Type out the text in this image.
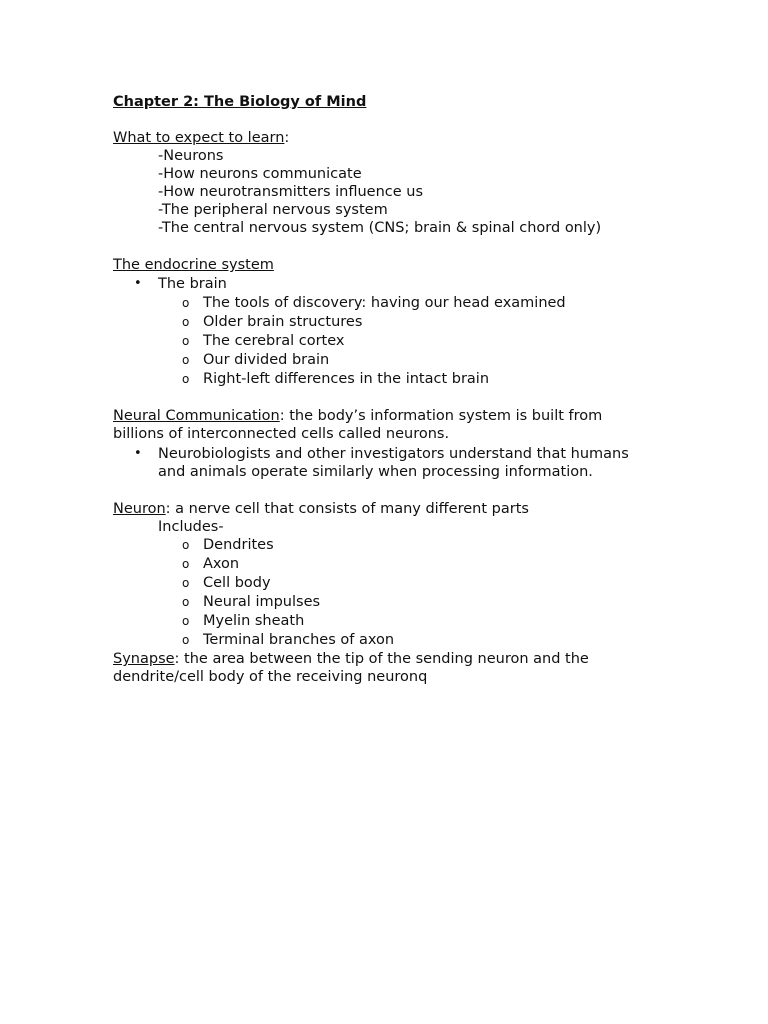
Chapter 2: The Biology of Mind
What to expect to learn:
-Neurons
-How neurons communicate
-How neurotransmitters influence us
-The peripheral nervous system
-The central nervous system (CNS; brain & spinal chord only)
The endocrine system
• The brain
o The tools of discovery: having our head examined
o Older brain structures
o The cerebral cortex
o Our divided brain
o Right-left differences in the intact brain
Neural Communication: the body’s information system is built from
billions of interconnected cells called neurons.
• Neurobiologists and other investigators understand that humans
and animals operate similarly when processing information.
Neuron: a nerve cell that consists of many different parts
Includes-
o Dendrites
o Axon
o Cell body
o Neural impulses
o Myelin sheath
o Terminal branches of axon
Synapse: the area between the tip of the sending neuron and the
dendrite/cell body of the receiving neuronq
